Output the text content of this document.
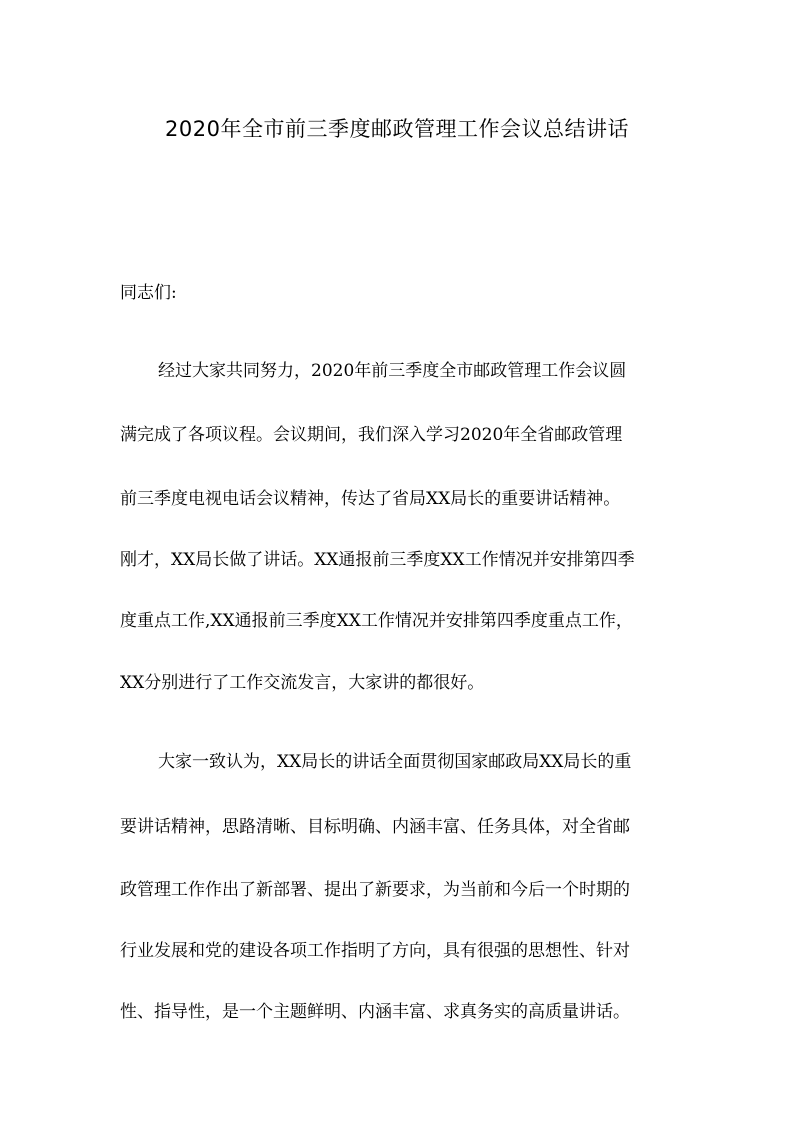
2020年全市前三季度邮政管理工作会议总结讲话
同志们:
经过大家共同努力，2020年前三季度全市邮政管理工作会议圆
满完成了各项议程。会议期间，我们深入学习2020年全省邮政管理
前三季度电视电话会议精神，传达了省局XX局长的重要讲话精神。
刚才，XX局长做了讲话。XX通报前三季度XX工作情况并安排第四季
度重点工作,XX通报前三季度XX工作情况并安排第四季度重点工作，
XX分别进行了工作交流发言，大家讲的都很好。
大家一致认为，XX局长的讲话全面贯彻国家邮政局XX局长的重
要讲话精神，思路清晰、目标明确、内涵丰富、任务具体，对全省邮
政管理工作作出了新部署、提出了新要求，为当前和今后一个时期的
行业发展和党的建设各项工作指明了方向，具有很强的思想性、针对
性、指导性，是一个主题鲜明、内涵丰富、求真务实的高质量讲话。
